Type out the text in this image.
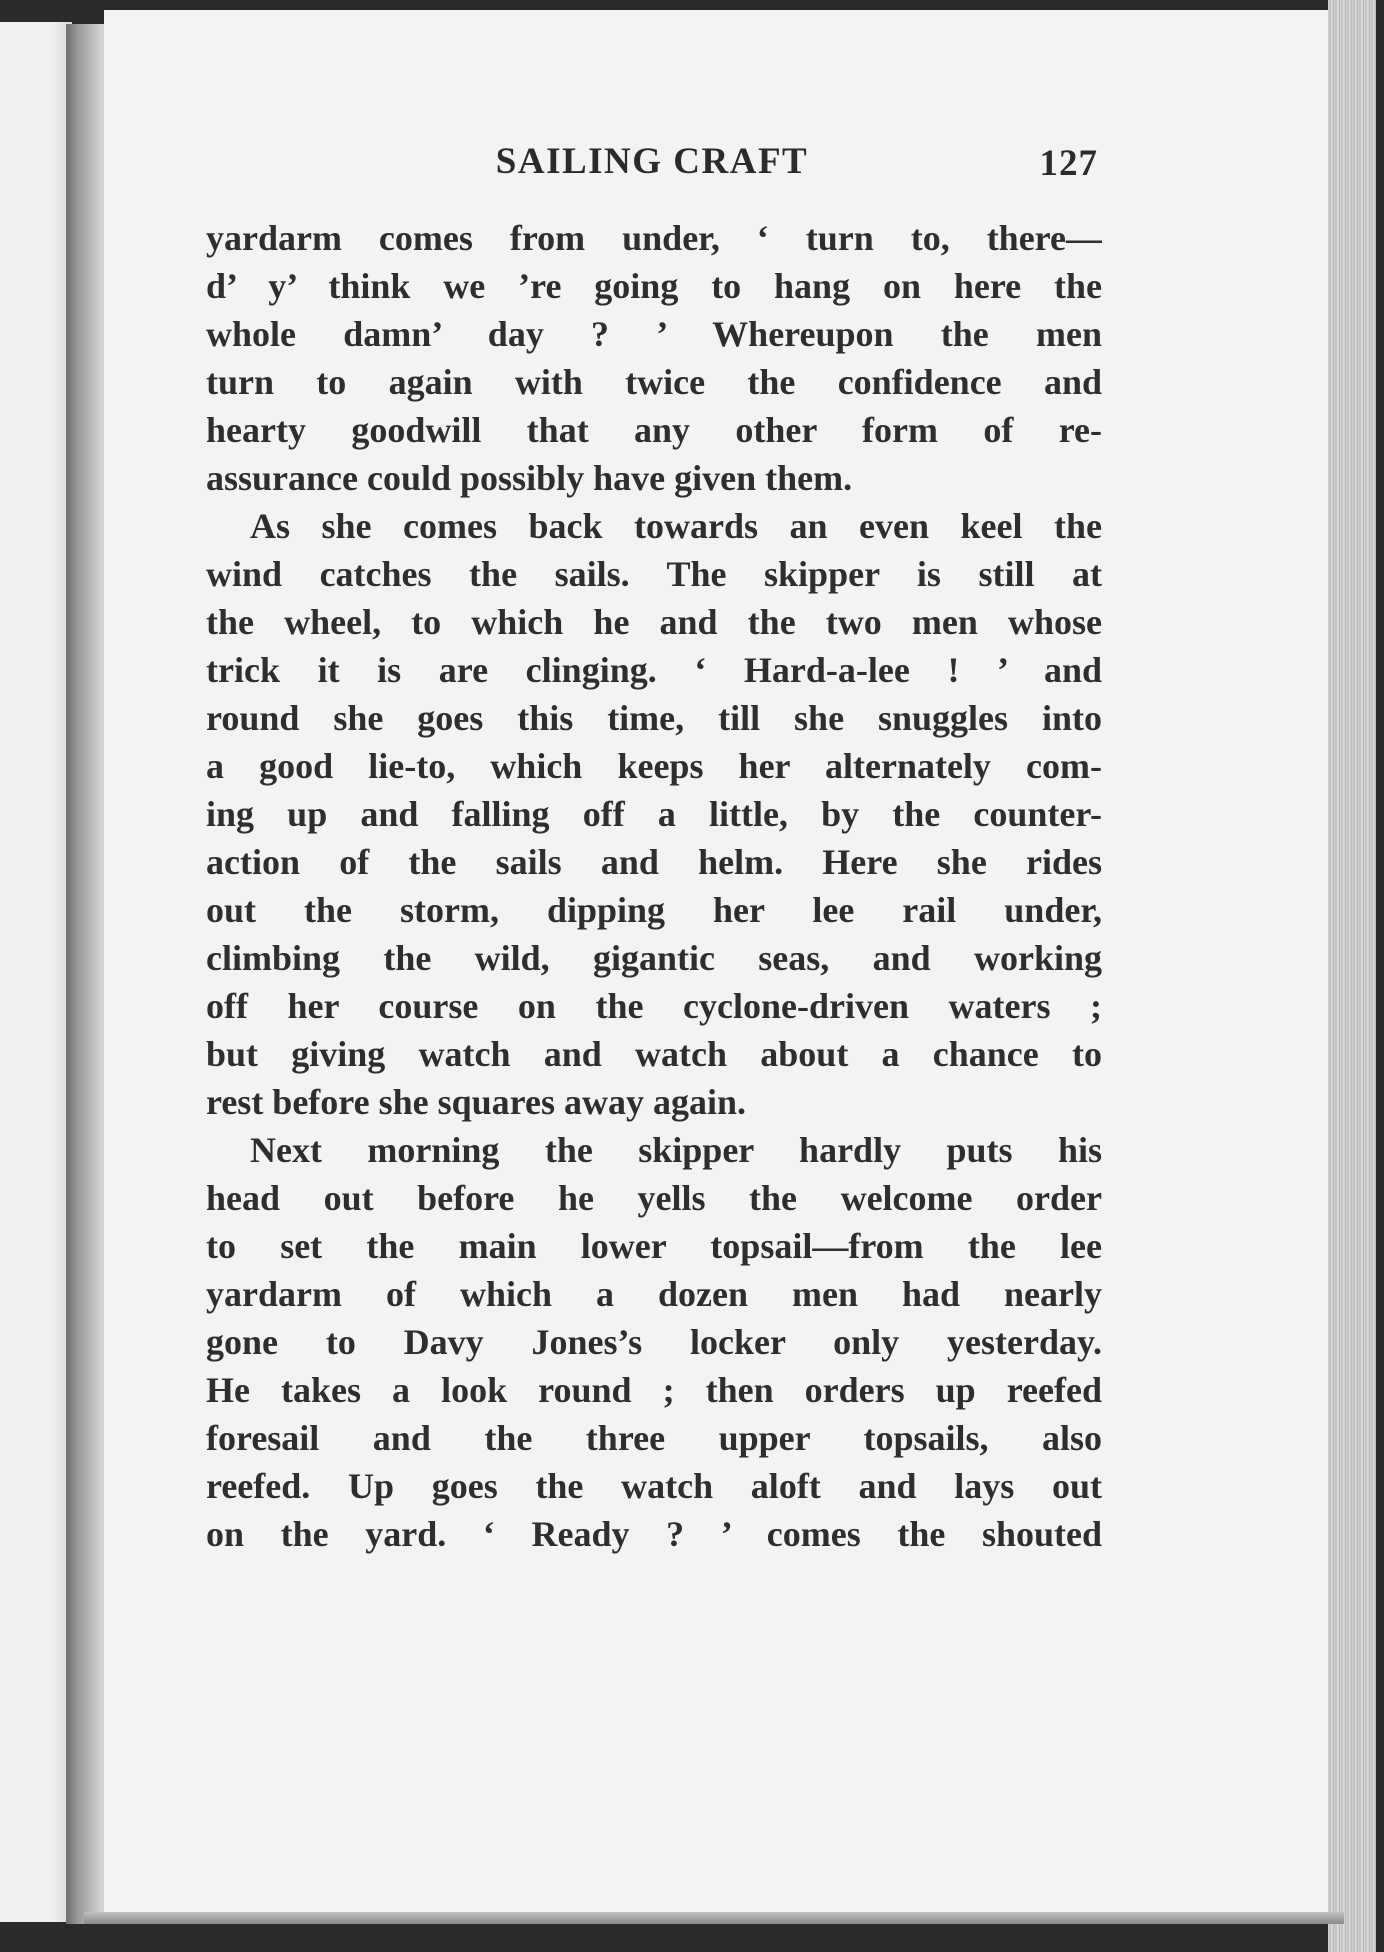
SAILING CRAFT	127
yardarm comes from under, ‘ turn to, there—
d’ y’ think we ’re going to hang on here the
whole damn’ day ? ’ Whereupon the men
turn to again with twice the confidence and
hearty goodwill that any other form of re-
assurance could possibly have given them.
As she comes back towards an even keel the
wind catches the sails. The skipper is still at
the wheel, to which he and the two men whose
trick it is are clinging. ‘ Hard-a-lee ! ’ and
round she goes this time, till she snuggles into
a good lie-to, which keeps her alternately com-
ing up and falling off a little, by the counter-
action of the sails and helm. Here she rides
out the storm, dipping her lee rail under,
climbing the wild, gigantic seas, and working
off her course on the cyclone-driven waters ;
but giving watch and watch about a chance to
rest before she squares away again.
Next morning the skipper hardly puts his
head out before he yells the welcome order
to set the main lower topsail—from the lee
yardarm of which a dozen men had nearly
gone to Davy Jones’s locker only yesterday.
He takes a look round ; then orders up reefed
foresail and the three upper topsails, also
reefed. Up goes the watch aloft and lays out
on the yard. ‘ Ready ? ’ comes the shouted
